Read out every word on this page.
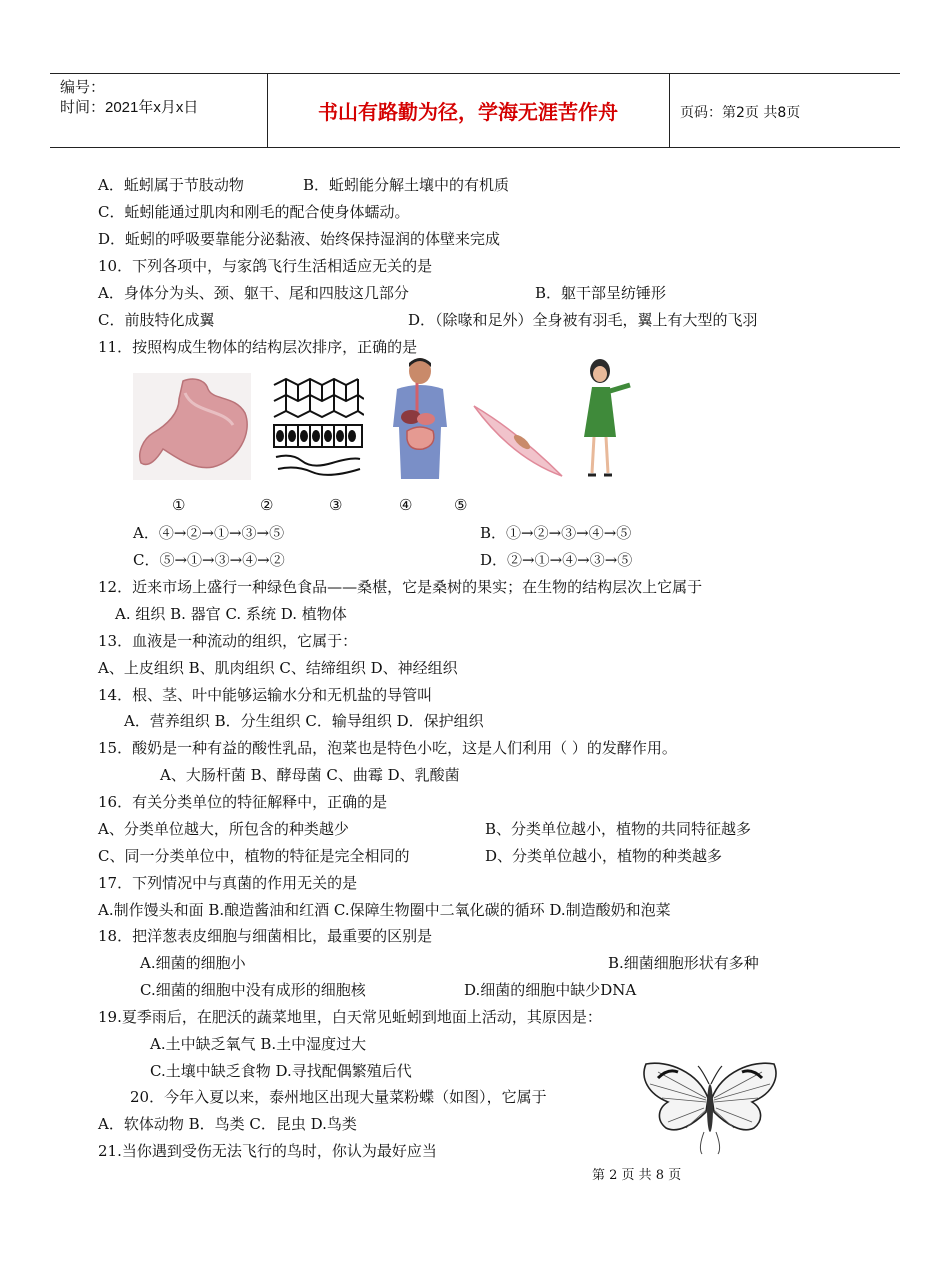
编号：
时间：2021年x月x日	书山有路勤为径，学海无涯苦作舟	页码：第2页 共8页
A．蚯蚓属于节肢动物	B．蚯蚓能分解土壤中的有机质
C．蚯蚓能通过肌肉和刚毛的配合使身体蠕动。
D．蚯蚓的呼吸要靠能分泌黏液、始终保持湿润的体壁来完成
10．下列各项中，与家鸽飞行生活相适应无关的是
A．身体分为头、颈、躯干、尾和四肢这几部分	B．躯干部呈纺锤形
C．前肢特化成翼	D．（除喙和足外）全身被有羽毛，翼上有大型的飞羽
11．按照构成生物体的结构层次排序，正确的是
①	②	③	④	⑤
A．④→②→①→③→⑤	B．①→②→③→④→⑤
C．⑤→①→③→④→②	D．②→①→④→③→⑤
12．近来市场上盛行一种绿色食品——桑椹，它是桑树的果实；在生物的结构层次上它属于
A. 组织 B. 器官 C. 系统 D. 植物体
13．血液是一种流动的组织，它属于：
A、上皮组织 B、肌肉组织 C、结缔组织 D、神经组织
14．根、茎、叶中能够运输水分和无机盐的导管叫
A．营养组织 B．分生组织 C．输导组织 D．保护组织
15．酸奶是一种有益的酸性乳品，泡菜也是特色小吃，这是人们利用（ ）的发酵作用。
A、大肠杆菌 B、酵母菌 C、曲霉 D、乳酸菌
16．有关分类单位的特征解释中，正确的是
A、分类单位越大，所包含的种类越少	B、分类单位越小，植物的共同特征越多
C、同一分类单位中，植物的特征是完全相同的	D、分类单位越小，植物的种类越多
17．下列情况中与真菌的作用无关的是
A.制作馒头和面 B.酿造酱油和红酒 C.保障生物圈中二氧化碳的循环 D.制造酸奶和泡菜
18．把洋葱表皮细胞与细菌相比，最重要的区别是
A.细菌的细胞小	B.细菌细胞形状有多种
C.细菌的细胞中没有成形的细胞核	D.细菌的细胞中缺少DNA
19.夏季雨后，在肥沃的蔬菜地里，白天常见蚯蚓到地面上活动，其原因是：
A.土中缺乏氧气 B.土中湿度过大
C.土壤中缺乏食物 D.寻找配偶繁殖后代
20．今年入夏以来，泰州地区出现大量菜粉蝶（如图），它属于
A．软体动物 B．鸟类 C．昆虫 D.鸟类
21.当你遇到受伤无法飞行的鸟时，你认为最好应当
第 2 页 共 8 页
